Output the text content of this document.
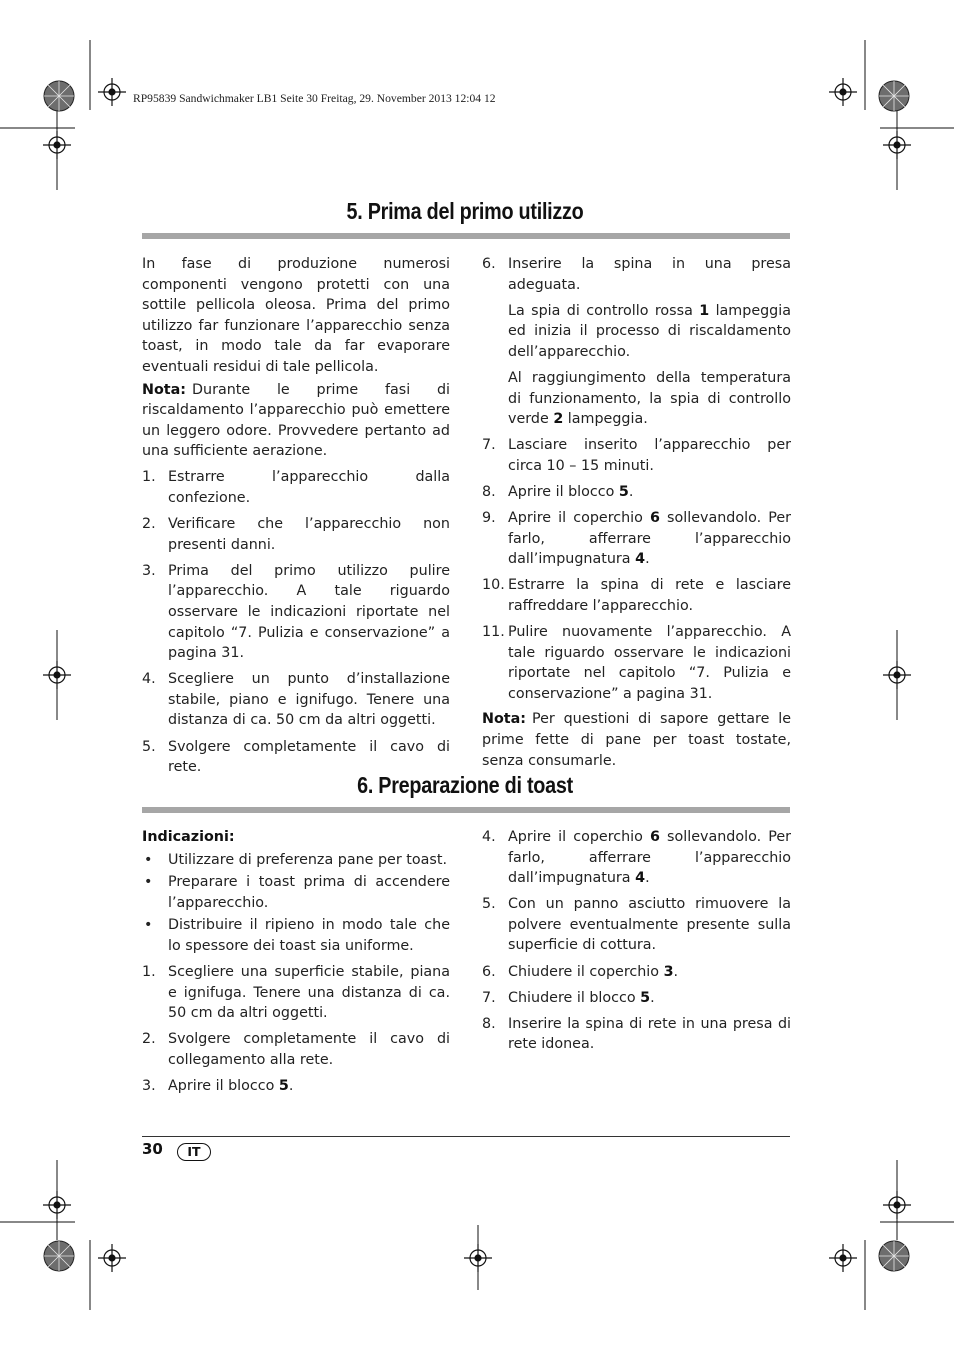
RP95839 Sandwichmaker LB1 Seite 30 Freitag, 29. November 2013 12:04 12
5. Prima del primo utilizzo

In fase di produzione numerosi componenti vengono protetti con una sottile pellicola oleosa. Prima del primo utilizzo far funzionare l’apparecchio senza toast, in modo tale da far evaporare eventuali residui di tale pellicola.

Nota: Durante le prime fasi di riscaldamento l’apparecchio può emettere un leggero odore. Provvedere pertanto ad una sufficiente aerazione.

1. Estrarre l’apparecchio dalla confezione.
2. Verificare che l’apparecchio non presenti danni.
3. Prima del primo utilizzo pulire l’apparecchio. A tale riguardo osservare le indicazioni riportate nel capitolo “7. Pulizia e conservazione” a pagina 31.
4. Scegliere un punto d’installazione stabile, piano e ignifugo. Tenere una distanza di ca. 50 cm da altri oggetti.
5. Svolgere completamente il cavo di rete.
6. Inserire la spina in una presa adeguata.
La spia di controllo rossa 1 lampeggia ed inizia il processo di riscaldamento dell’apparecchio.
Al raggiungimento della temperatura di funzionamento, la spia di controllo verde 2 lampeggia.
7. Lasciare inserito l’apparecchio per circa 10 – 15 minuti.
8. Aprire il blocco 5.
9. Aprire il coperchio 6 sollevandolo. Per farlo, afferrare l’apparecchio dall’impugnatura 4.
10. Estrarre la spina di rete e lasciare raffreddare l’apparecchio.
11. Pulire nuovamente l’apparecchio. A tale riguardo osservare le indicazioni riportate nel capitolo “7. Pulizia e conservazione” a pagina 31.

Nota: Per questioni di sapore gettare le prime fette di pane per toast tostate, senza consumarle.

6. Preparazione di toast

Indicazioni:

• Utilizzare di preferenza pane per toast.
• Preparare i toast prima di accendere l’apparecchio.
• Distribuire il ripieno in modo tale che lo spessore dei toast sia uniforme.
1. Scegliere una superficie stabile, piana e ignifuga. Tenere una distanza di ca. 50 cm da altri oggetti.
2. Svolgere completamente il cavo di collegamento alla rete.
3. Aprire il blocco 5.
4. Aprire il coperchio 6 sollevandolo. Per farlo, afferrare l’apparecchio dall’impugnatura 4.
5. Con un panno asciutto rimuovere la polvere eventualmente presente sulla superficie di cottura.
6. Chiudere il coperchio 3.
7. Chiudere il blocco 5.
8. Inserire la spina di rete in una presa di rete idonea.
30	IT
